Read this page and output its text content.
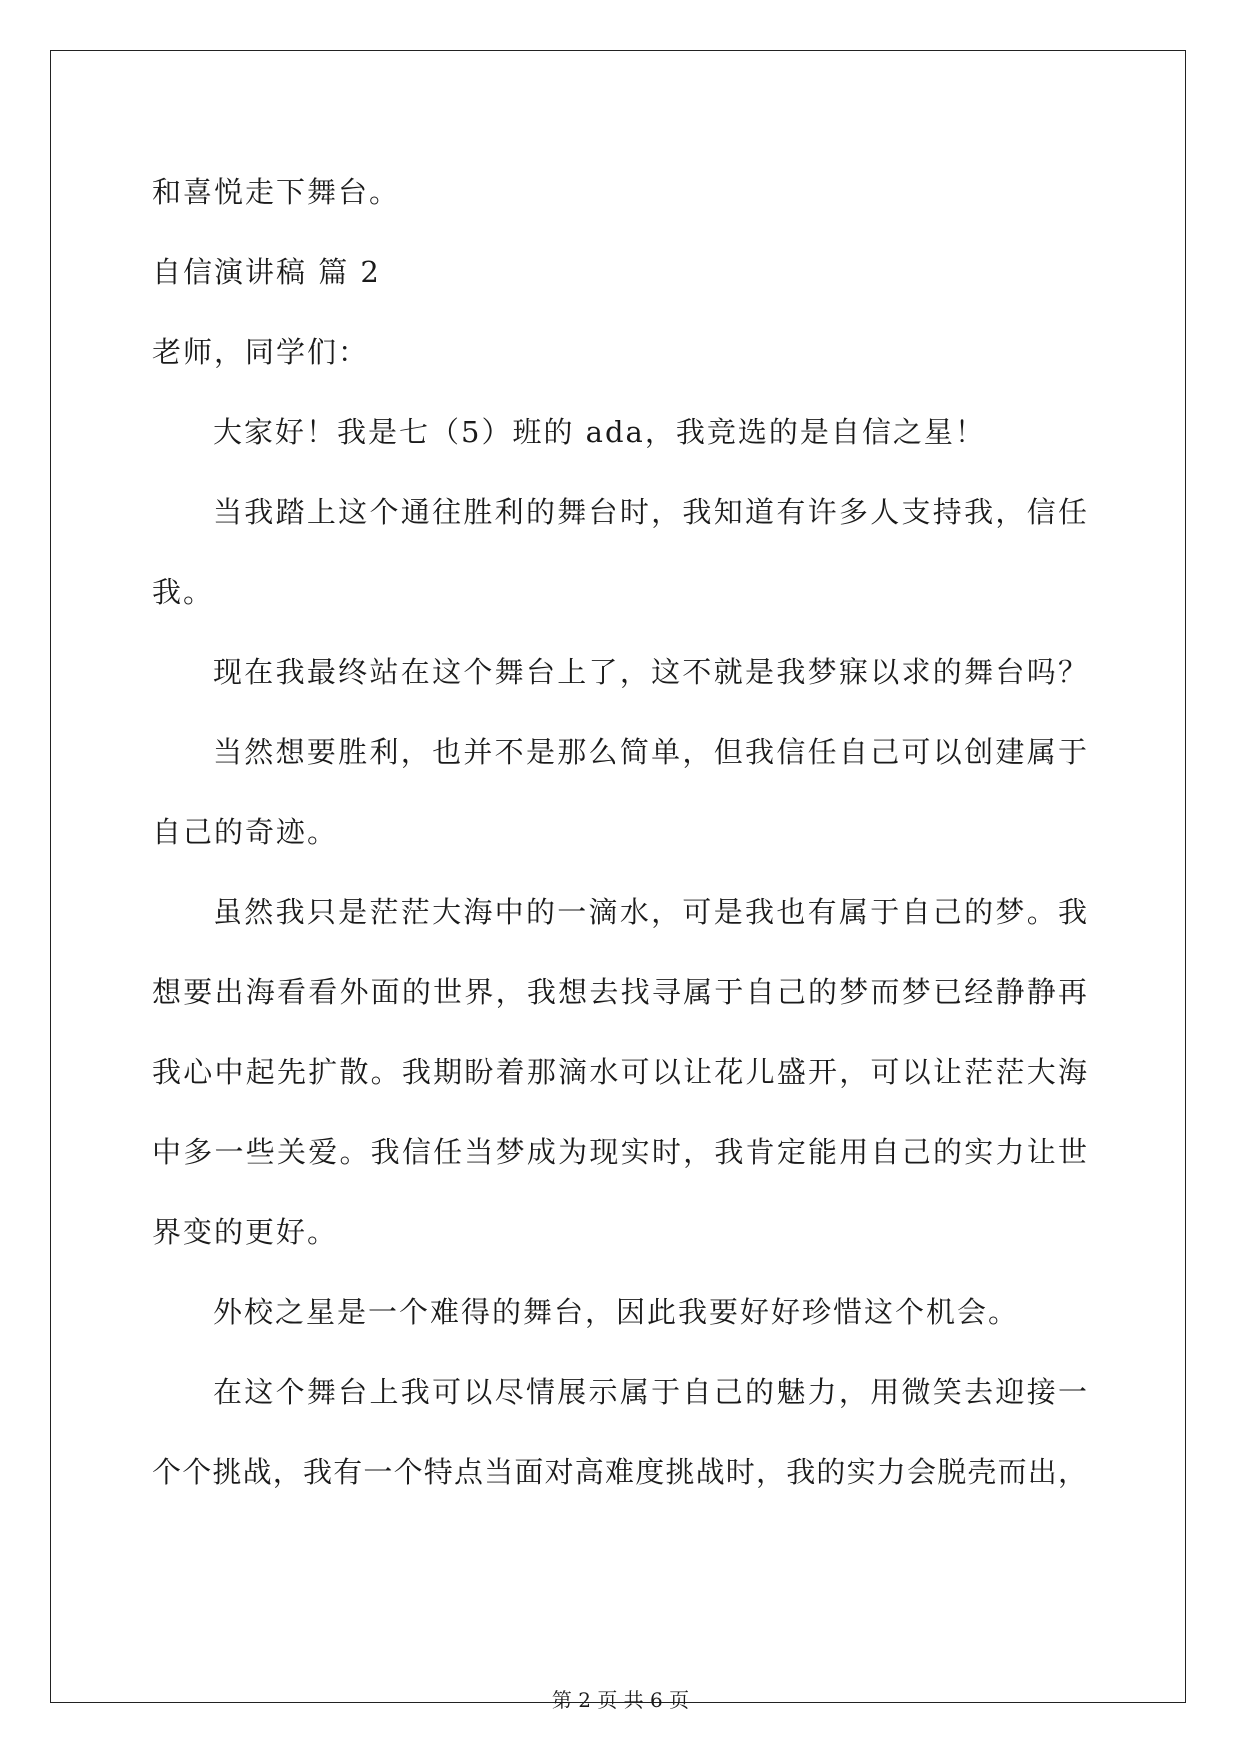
和喜悦走下舞台。

自信演讲稿 篇 2

老师，同学们：

大家好！我是七（5）班的 ada，我竞选的是自信之星！

当我踏上这个通往胜利的舞台时，我知道有许多人支持我，信任

我。

现在我最终站在这个舞台上了，这不就是我梦寐以求的舞台吗？

当然想要胜利，也并不是那么简单，但我信任自己可以创建属于

自己的奇迹。

虽然我只是茫茫大海中的一滴水，可是我也有属于自己的梦。我

想要出海看看外面的世界，我想去找寻属于自己的梦而梦已经静静再

我心中起先扩散。我期盼着那滴水可以让花儿盛开，可以让茫茫大海

中多一些关爱。我信任当梦成为现实时，我肯定能用自己的实力让世

界变的更好。

外校之星是一个难得的舞台，因此我要好好珍惜这个机会。

在这个舞台上我可以尽情展示属于自己的魅力，用微笑去迎接一

个个挑战，我有一个特点当面对高难度挑战时，我的实力会脱壳而出，

第 2 页 共 6 页
